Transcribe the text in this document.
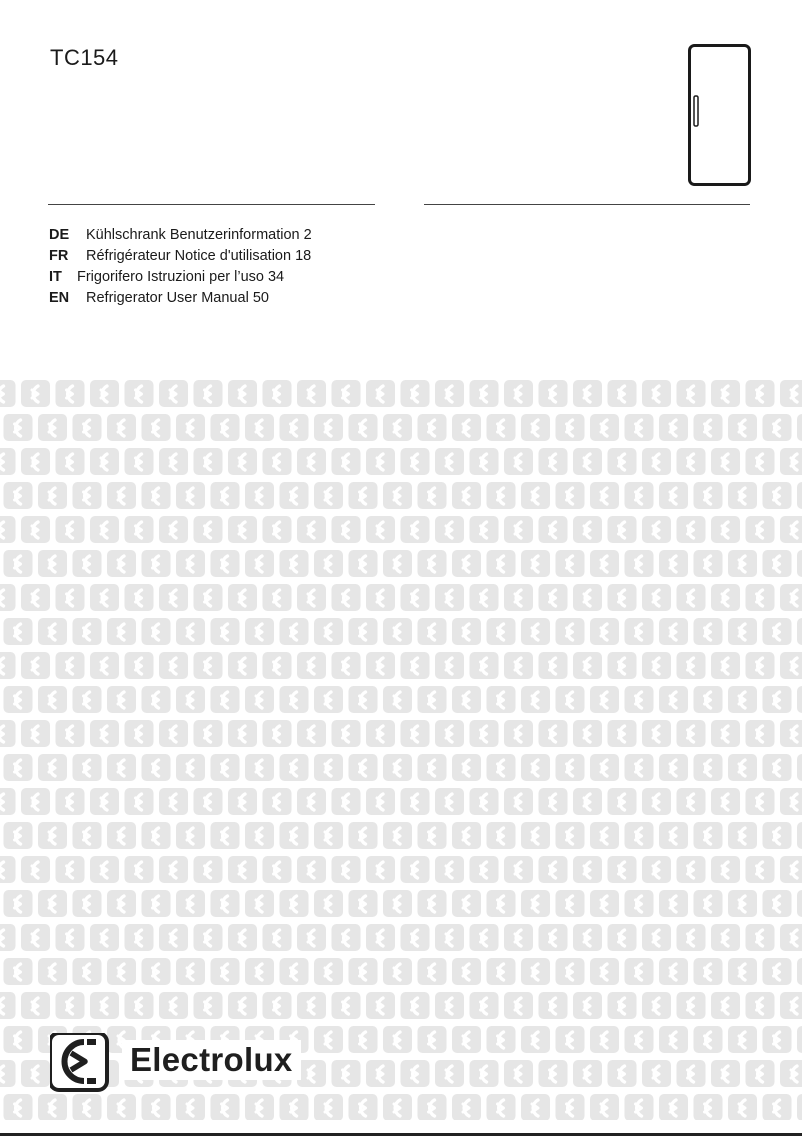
TC154
DE Kühlschrank Benutzerinformation 2
FR Réfrigérateur Notice d'utilisation 18
IT Frigorifero Istruzioni per l’uso 34
EN Refrigerator User Manual 50
Electrolux
